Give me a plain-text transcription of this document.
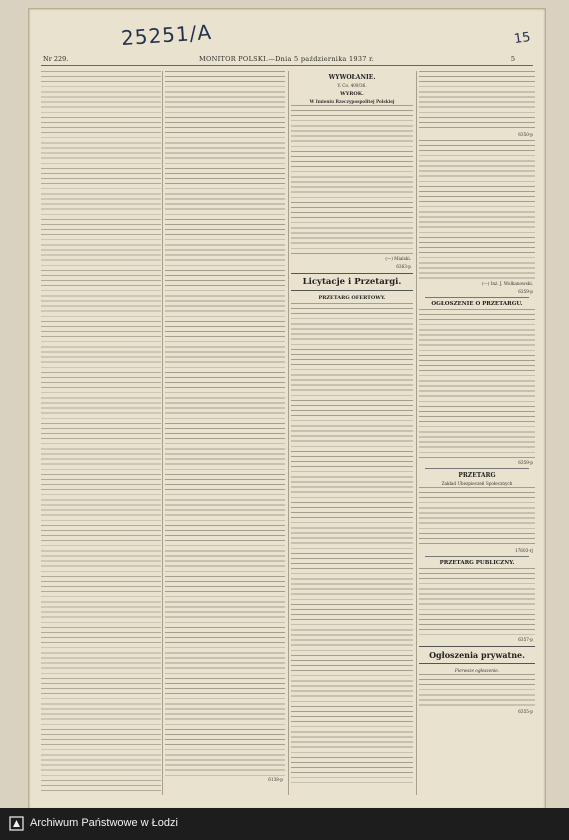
25251/A	15
Nr 229.	MONITOR POLSKI.—Dnia 5 października 1937 r.	5
6138-p
WYWOŁANIE.
V. Co. 409/36.
WYROK.
W Imieniu Rzeczypospolitej Polskiej
(—) Mialski.
6363-p
Licytacje i Przetargi.
PRZETARG OFERTOWY.
6350-p
(—) Inż. J. Wolkanowski.
6359-p
OGŁOSZENIE O PRZETARGU.
6359-p
PRZETARG
Zakład Ubezpieczeń Społecznych
17603-rj
PRZETARG PUBLICZNY.
6357-p
Ogłoszenia prywatne.
Pierwsze ogłoszenie.
6355-p
Archiwum Państwowe w Łodzi
